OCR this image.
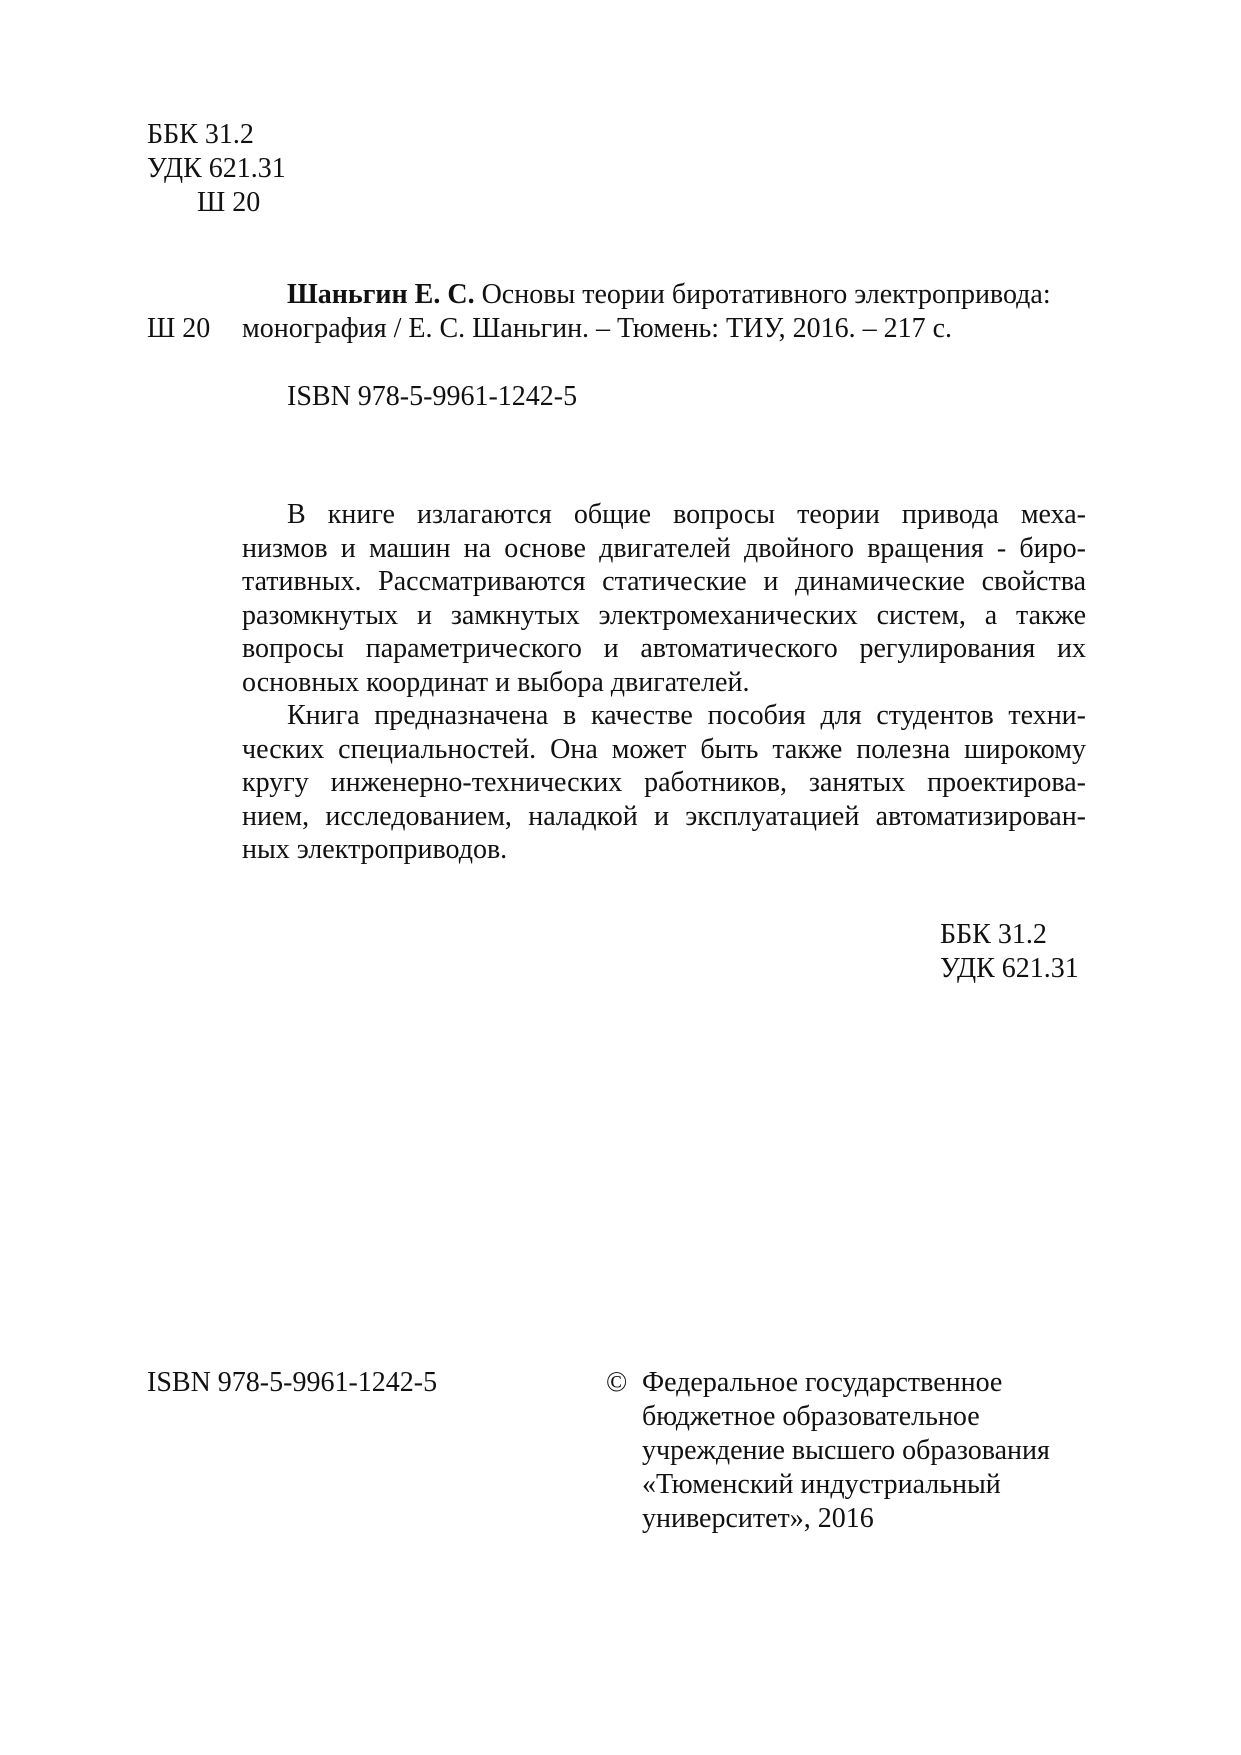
ББК 31.2
УДК 621.31
Ш 20
Ш 20
Шаньгин Е. С. Основы теории биротативного электропривода:
монография / Е. С. Шаньгин. – Тюмень: ТИУ, 2016. – 217 с.
ISBN 978-5-9961-1242-5
В книге излагаются общие вопросы теории привода меха-
низмов и машин на основе двигателей двойного вращения - биро-
тативных. Рассматриваются статические и динамические свойства
разомкнутых и замкнутых электромеханических систем, а также
вопросы параметрического и автоматического регулирования их
основных координат и выбора двигателей.
Книга предназначена в качестве пособия для студентов техни-
ческих специальностей. Она может быть также полезна широкому
кругу инженерно-технических работников, занятых проектирова-
нием, исследованием, наладкой и эксплуатацией автоматизирован-
ных электроприводов.
ББК 31.2
УДК 621.31
ISBN 978-5-9961-1242-5	© Федеральное государственное
бюджетное образовательное
учреждение высшего образования
«Тюменский индустриальный
университет», 2016
